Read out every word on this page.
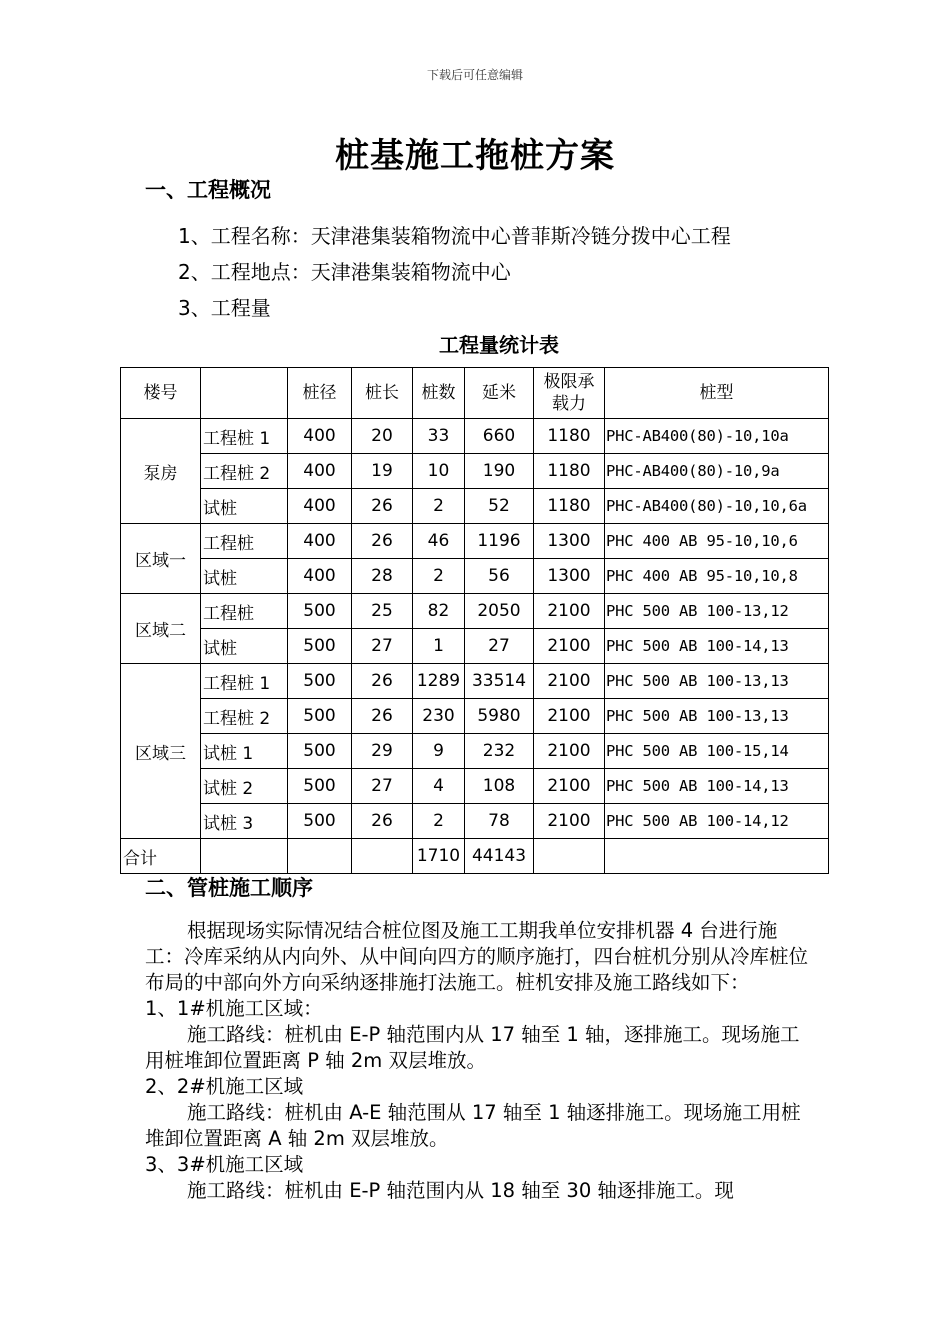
下载后可任意编辑
桩基施工拖桩方案
一、工程概况
1、工程名称：天津港集装箱物流中心普菲斯冷链分拨中心工程
2、工程地点：天津港集装箱物流中心
3、工程量
工程量统计表
楼号		桩径	桩长	桩数	延米	极限承载力	桩型
泵房	工程桩 1	400	20	33	660	1180	PHC-AB400(80)-10,10a
	工程桩 2	400	19	10	190	1180	PHC-AB400(80)-10,9a
	试桩	400	26	2	52	1180	PHC-AB400(80)-10,10,6a
区域一	工程桩	400	26	46	1196	1300	PHC 400 AB 95-10,10,6
	试桩	400	28	2	56	1300	PHC 400 AB 95-10,10,8
区域二	工程桩	500	25	82	2050	2100	PHC 500 AB 100-13,12
	试桩	500	27	1	27	2100	PHC 500 AB 100-14,13
区域三	工程桩 1	500	26	1289	33514	2100	PHC 500 AB 100-13,13
	工程桩 2	500	26	230	5980	2100	PHC 500 AB 100-13,13
	试桩 1	500	29	9	232	2100	PHC 500 AB 100-15,14
	试桩 2	500	27	4	108	2100	PHC 500 AB 100-14,13
	试桩 3	500	26	2	78	2100	PHC 500 AB 100-14,12
合计				1710	44143		
二、管桩施工顺序

根据现场实际情况结合桩位图及施工工期我单位安排机器 4 台进行施工：冷库采纳从内向外、从中间向四方的顺序施打，四台桩机分别从冷库桩位布局的中部向外方向采纳逐排施打法施工。桩机安排及施工路线如下：

1、1#机施工区域：

施工路线：桩机由 E-P 轴范围内从 17 轴至 1 轴，逐排施工。现场施工用桩堆卸位置距离 P 轴 2m 双层堆放。

2、2#机施工区域

施工路线：桩机由 A-E 轴范围从 17 轴至 1 轴逐排施工。现场施工用桩堆卸位置距离 A 轴 2m 双层堆放。

3、3#机施工区域

施工路线：桩机由 E-P 轴范围内从 18 轴至 30 轴逐排施工。现
